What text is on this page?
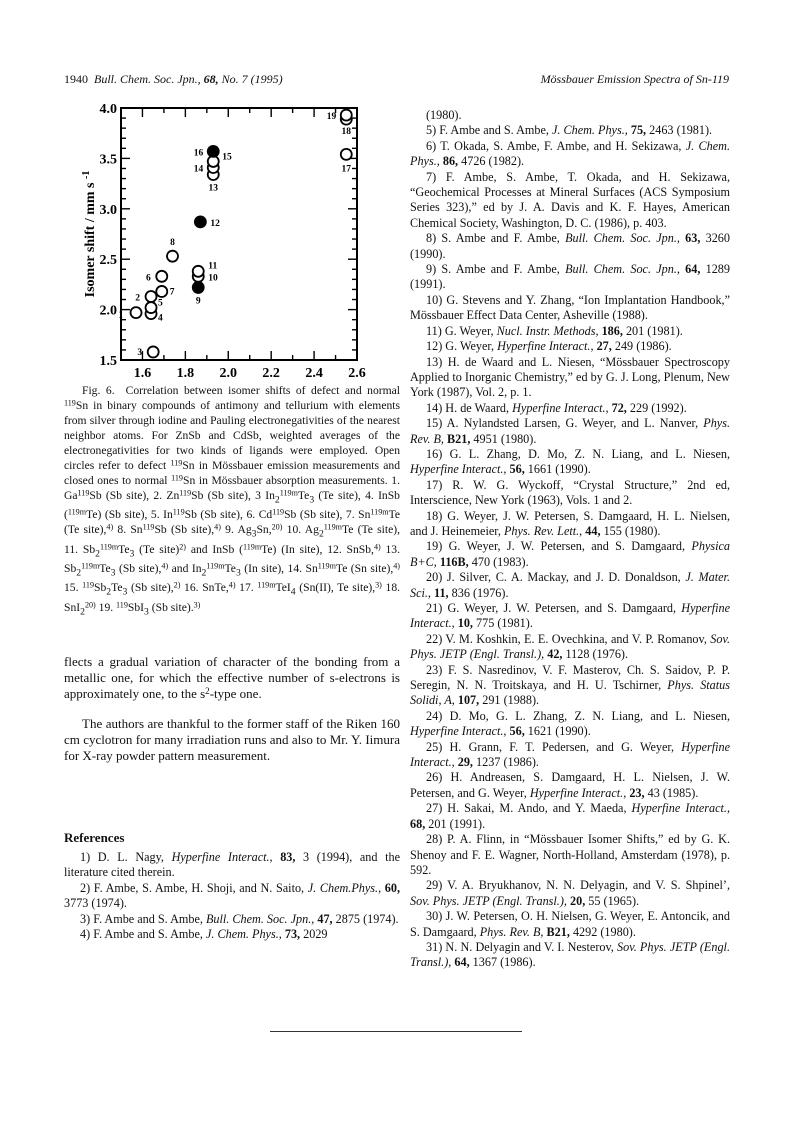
1940 Bull. Chem. Soc. Jpn., 68, No. 7 (1995)	Mössbauer Emission Spectra of Sn-119
1.6 1.8 2.0 2.2 2.4 2.6
1.5
2.0
2.5
3.0
3.5
4.0
Isomer shift / mm s $^{-1}$
1
2
3
4
5
6
7
8
9
10
11
12
13
14
15
16
17
18
19
Fig. 6. Correlation between isomer shifts of defect and normal $^{119}$Sn in binary compounds of antimony and tellurium with elements from silver through iodine and Pauling electronegativities of the nearest neighbor atoms. For ZnSb and CdSb, weighted averages of the electronegativities for two kinds of ligands were employed. Open circles refer to defect $^{119}$Sn in Mössbauer emission measurements and closed ones to normal $^{119}$Sn in Mössbauer absorption measurements. 1. Ga$^{119}$Sb (Sb site), 2. Zn$^{119}$Sb (Sb site), 3 $In_2^{119m}Te_3$ (Te site), 4. InSb ($^{119m}$Te) (Sb site), 5. In$^{119}$Sb (Sb site), 6. Cd$^{119}$Sb (Sb site), 7. $Sn^{119m}Te$ (Te site),$^{4)}$ 8. Sn$^{119}$Sb (Sb site),$^{4)}$ 9. $Ag_3Sn,^{20)}$ 10. $Ag_2^{119m}Te$ (Te site), 11. $Sb_2^{119m}Te_3$ (Te site)$^{2)}$ and InSb ($^{119m}$Te) (In site), 12. SnSb,$^{4)}$ 13. $Sb_2^{119m}Te_3$ (Sb site),$^{4)}$ and $In_2^{119m}Te_3$ (In site), 14. $Sn^{119m}Te$ (Sn site),$^{4)}$ 15. $^{119}Sb_2Te_3$ (Sb site),$^{2)}$ 16. SnTe,$^{4)}$ 17. $^{119m}$TeI$_4$ (Sn(II), Te site),$^{3)}$ 18. SnI$_2^{20)}$ 19. $^{119}$SbI$_3$ (Sb site).$^{3)}$
flects a gradual variation of character of the bonding from a metallic one, for which the effective number of s-electrons is approximately one, to the $s^2$-type one.
The authors are thankful to the former staff of the Riken 160 cm cyclotron for many irradiation runs and also to Mr. Y. Iimura for X-ray powder pattern measurement.
References

1) D. L. Nagy, Hyperfine Interact., 83, 3 (1994), and the literature cited therein.

2) F. Ambe, S. Ambe, H. Shoji, and N. Saito, J. Chem.Phys., 60, 3773 (1974).

3) F. Ambe and S. Ambe, Bull. Chem. Soc. Jpn., 47, 2875 (1974).

4) F. Ambe and S. Ambe, J. Chem. Phys., 73, 2029

(1980).

5) F. Ambe and S. Ambe, J. Chem. Phys., 75, 2463 (1981).

6) T. Okada, S. Ambe, F. Ambe, and H. Sekizawa, J. Chem. Phys., 86, 4726 (1982).

7) F. Ambe, S. Ambe, T. Okada, and H. Sekizawa, “Geochemical Processes at Mineral Surfaces (ACS Symposium Series 323),” ed by J. A. Davis and K. F. Hayes, American Chemical Society, Washington, D. C. (1986), p. 403.

8) S. Ambe and F. Ambe, Bull. Chem. Soc. Jpn., 63, 3260 (1990).

9) S. Ambe and F. Ambe, Bull. Chem. Soc. Jpn., 64, 1289 (1991).

10) G. Stevens and Y. Zhang, “Ion Implantation Handbook,” Mössbauer Effect Data Center, Asheville (1988).

11) G. Weyer, Nucl. Instr. Methods, 186, 201 (1981).

12) G. Weyer, Hyperfine Interact., 27, 249 (1986).

13) H. de Waard and L. Niesen, “Mössbauer Spectroscopy Applied to Inorganic Chemistry,” ed by G. J. Long, Plenum, New York (1987), Vol. 2, p. 1.

14) H. de Waard, Hyperfine Interact., 72, 229 (1992).

15) A. Nylandsted Larsen, G. Weyer, and L. Nanver, Phys. Rev. B, B21, 4951 (1980).

16) G. L. Zhang, D. Mo, Z. N. Liang, and L. Niesen, Hyperfine Interact., 56, 1661 (1990).

17) R. W. G. Wyckoff, “Crystal Structure,” 2nd ed, Interscience, New York (1963), Vols. 1 and 2.

18) G. Weyer, J. W. Petersen, S. Damgaard, H. L. Nielsen, and J. Heinemeier, Phys. Rev. Lett., 44, 155 (1980).

19) G. Weyer, J. W. Petersen, and S. Damgaard, Physica B+C, 116B, 470 (1983).

20) J. Silver, C. A. Mackay, and J. D. Donaldson, J. Mater. Sci., 11, 836 (1976).

21) G. Weyer, J. W. Petersen, and S. Damgaard, Hyperfine Interact., 10, 775 (1981).

22) V. M. Koshkin, E. E. Ovechkina, and V. P. Romanov, Sov. Phys. JETP (Engl. Transl.), 42, 1128 (1976).

23) F. S. Nasredinov, V. F. Masterov, Ch. S. Saidov, P. P. Seregin, N. N. Troitskaya, and H. U. Tschirner, Phys. Status Solidi, A, 107, 291 (1988).

24) D. Mo, G. L. Zhang, Z. N. Liang, and L. Niesen, Hyperfine Interact., 56, 1621 (1990).

25) H. Grann, F. T. Pedersen, and G. Weyer, Hyperfine Interact., 29, 1237 (1986).

26) H. Andreasen, S. Damgaard, H. L. Nielsen, J. W. Petersen, and G. Weyer, Hyperfine Interact., 23, 43 (1985).

27) H. Sakai, M. Ando, and Y. Maeda, Hyperfine Interact., 68, 201 (1991).

28) P. A. Flinn, in “Mössbauer Isomer Shifts,” ed by G. K. Shenoy and F. E. Wagner, North-Holland, Amsterdam (1978), p. 592.

29) V. A. Bryukhanov, N. N. Delyagin, and V. S. Shpinel’, Sov. Phys. JETP (Engl. Transl.), 20, 55 (1965).

30) J. W. Petersen, O. H. Nielsen, G. Weyer, E. Antoncik, and S. Damgaard, Phys. Rev. B, B21, 4292 (1980).

31) N. N. Delyagin and V. I. Nesterov, Sov. Phys. JETP (Engl. Transl.), 64, 1367 (1986).
